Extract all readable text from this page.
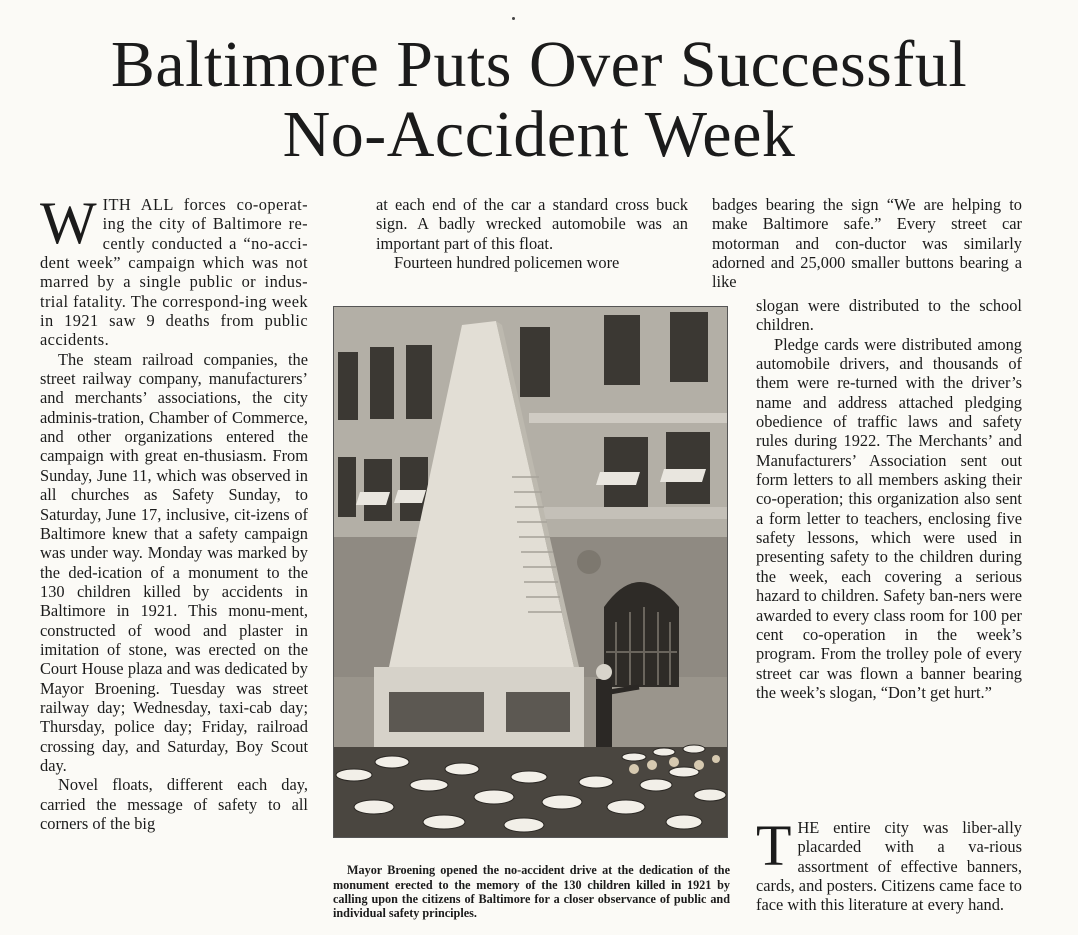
Baltimore Puts Over Successful
No-Accident Week

WITH ALL forces co-operat-ing the city of Baltimore re-cently conducted a “no-acci-dent week” campaign which was not marred by a single public or indus-trial fatality. The correspond-ing week in 1921 saw 9 deaths from public accidents.

The steam railroad companies, the street railway company, manufacturers’ and merchants’ associations, the city adminis-tration, Chamber of Commerce, and other organizations entered the campaign with great en-thusiasm. From Sunday, June 11, which was observed in all churches as Safety Sunday, to Saturday, June 17, inclusive, cit-izens of Baltimore knew that a safety campaign was under way. Monday was marked by the ded-ication of a monument to the 130 children killed by accidents in Baltimore in 1921. This monu-ment, constructed of wood and plaster in imitation of stone, was erected on the Court House plaza and was dedicated by Mayor Broening. Tuesday was street railway day; Wednesday, taxi-cab day; Thursday, police day; Friday, railroad crossing day, and Saturday, Boy Scout day.

Novel floats, different each day, carried the message of safety to all corners of the big

at each end of the car a standard cross buck sign. A badly wrecked automobile was an important part of this float.

Fourteen hundred policemen wore

Mayor Broening opened the no-accident drive at the dedication of the monument erected to the memory of the 130 children killed in 1921 by calling upon the citizens of Baltimore for a closer observance of public and individual safety principles.

badges bearing the sign “We are helping to make Baltimore safe.” Every street car motorman and con-ductor was similarly adorned and 25,000 smaller buttons bearing a like

slogan were distributed to the school children.

Pledge cards were distributed among automobile drivers, and thousands of them were re-turned with the driver’s name and address attached pledging obedience of traffic laws and safety rules during 1922. The Merchants’ and Manufacturers’ Association sent out form letters to all members asking their co-operation; this organization also sent a form letter to teachers, enclosing five safety lessons, which were used in presenting safety to the children during the week, each covering a serious hazard to children. Safety ban-ners were awarded to every class room for 100 per cent co-operation in the week’s program. From the trolley pole of every street car was flown a banner bearing the week’s slogan, “Don’t get hurt.”

THE entire city was liber-ally placarded with a va-rious assortment of effective banners, cards, and posters. Citizens came face to face with this literature at every hand.
